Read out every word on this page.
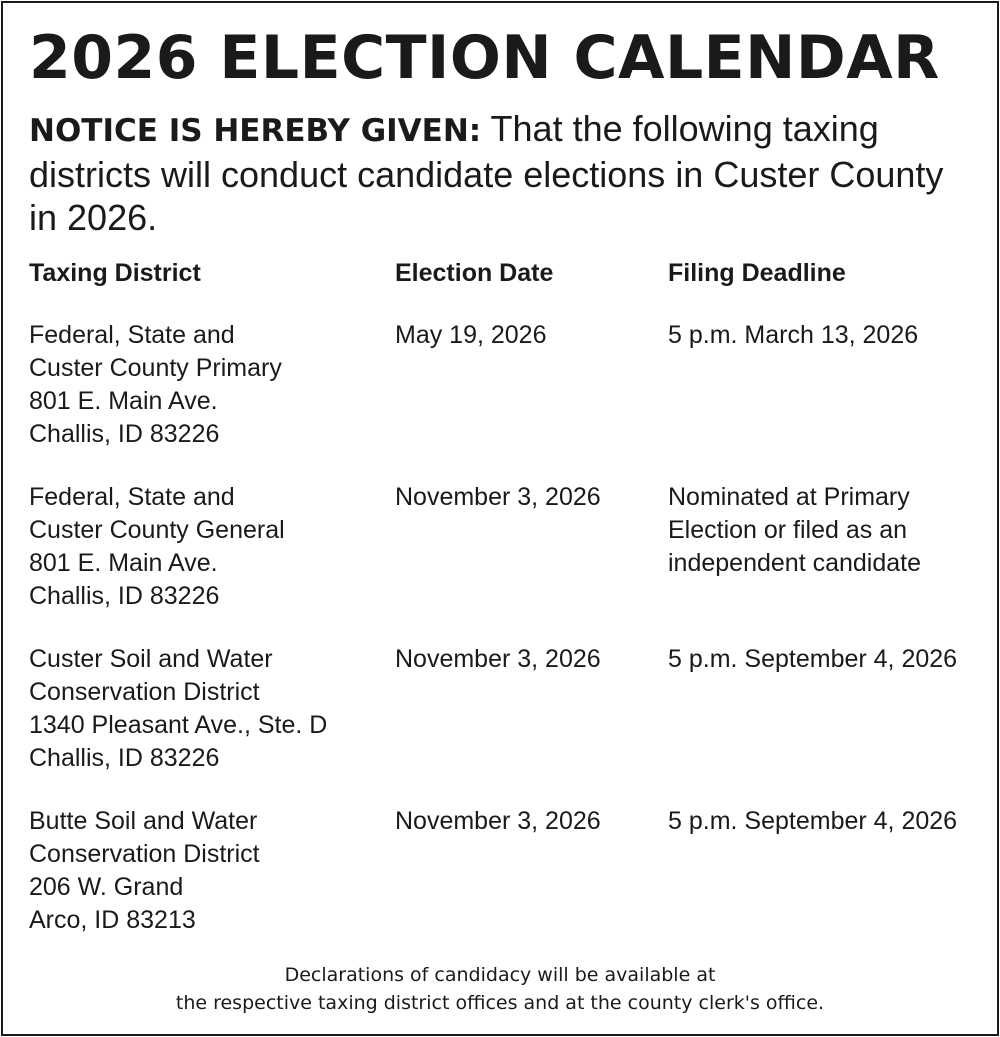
2026 ELECTION CALENDAR
NOTICE IS HEREBY GIVEN: That the following taxing districts will conduct candidate elections in Custer County in 2026.
Taxing District	Election Date	Filing Deadline
Federal, State and
Custer County Primary
801 E. Main Ave.
Challis, ID 83226
May 19, 2026	5 p.m. March 13, 2026
Federal, State and
Custer County General
801 E. Main Ave.
Challis, ID 83226
November 3, 2026	Nominated at Primary
Election or filed as an
independent candidate
Custer Soil and Water
Conservation District
1340 Pleasant Ave., Ste. D
Challis, ID 83226
November 3, 2026	5 p.m. September 4, 2026
Butte Soil and Water
Conservation District
206 W. Grand
Arco, ID 83213
November 3, 2026	5 p.m. September 4, 2026
Declarations of candidacy will be available at
the respective taxing district offices and at the county clerk's office.
